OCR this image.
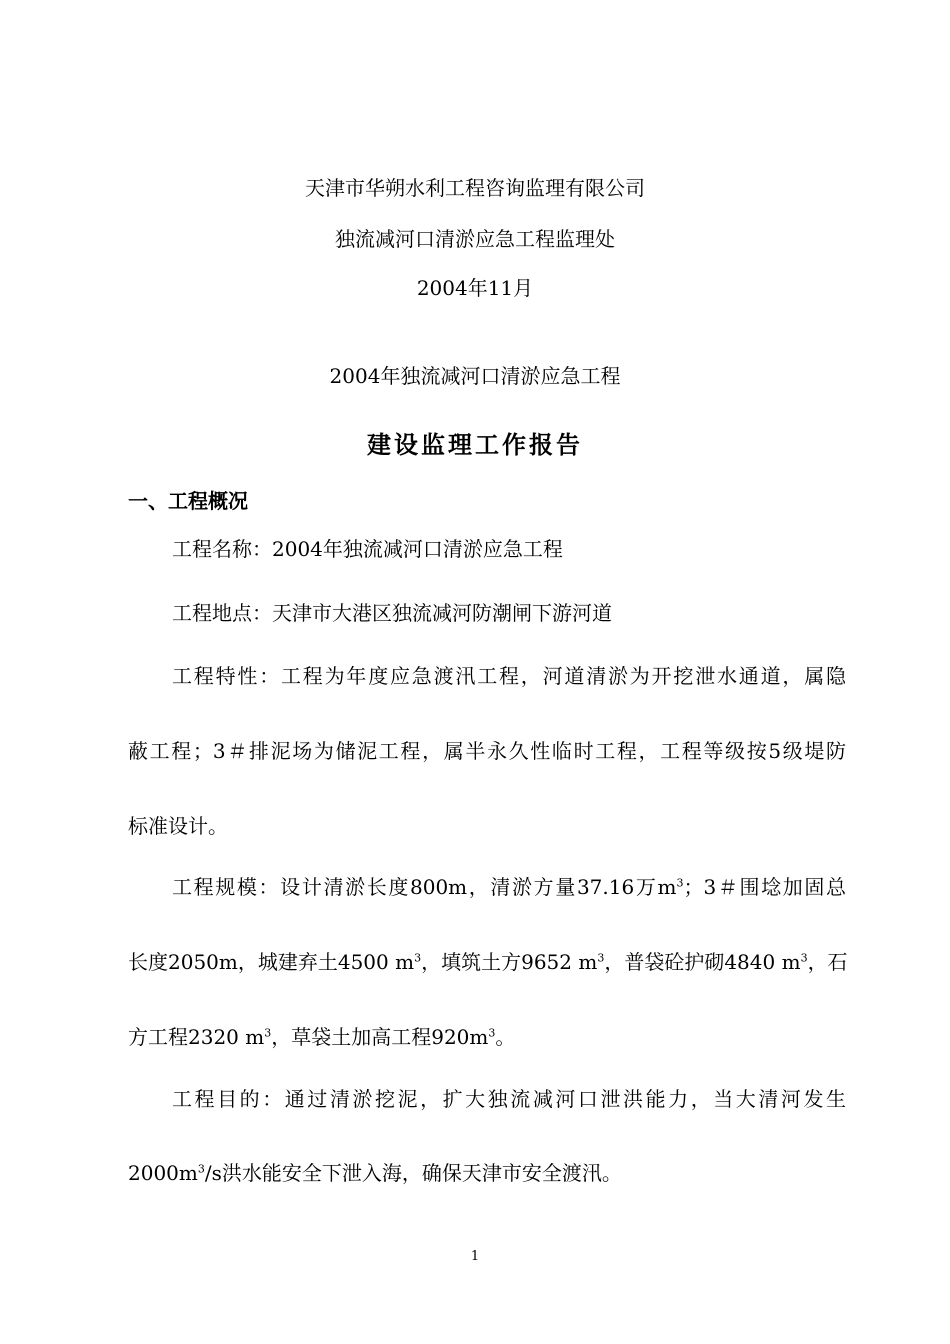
天津市华朔水利工程咨询监理有限公司
独流减河口清淤应急工程监理处
2004年11月
2004年独流减河口清淤应急工程
建设监理工作报告
一、工程概况
工程名称：2004年独流减河口清淤应急工程
工程地点：天津市大港区独流减河防潮闸下游河道
工程特性：工程为年度应急渡汛工程，河道清淤为开挖泄水通道，属隐
蔽工程；3＃排泥场为储泥工程，属半永久性临时工程，工程等级按5级堤防
标准设计。
工程规模：设计清淤长度800m，清淤方量37.16万$m^3$；3＃围埝加固总
长度2050m，城建弃土4500 $m^3$，填筑土方9652 $m^3$，普袋砼护砌4840 $m^3$，石
方工程2320 $m^3$，草袋土加高工程$920m^3$。
工程目的：通过清淤挖泥，扩大独流减河口泄洪能力，当大清河发生
$2000m^3/s$洪水能安全下泄入海，确保天津市安全渡汛。
1
